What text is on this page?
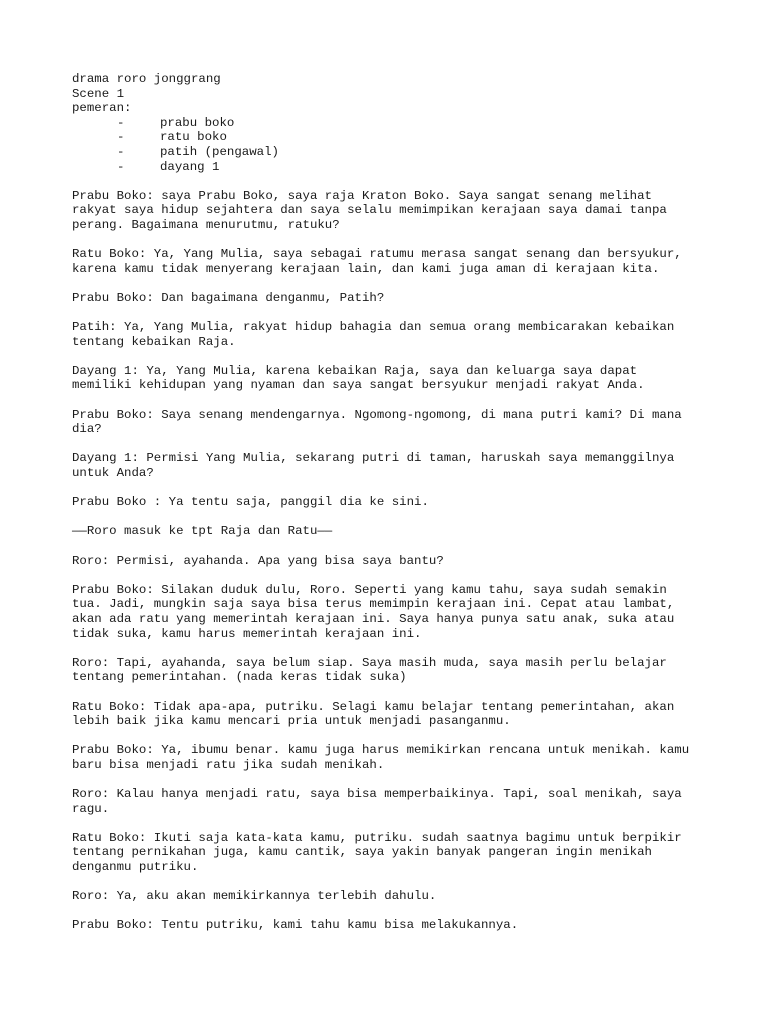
drama roro jonggrang
Scene 1
pemeran:
-	prabu boko
-	ratu boko
-	patih (pengawal)
-	dayang 1
Prabu Boko: saya Prabu Boko, saya raja Kraton Boko. Saya sangat senang melihat
rakyat saya hidup sejahtera dan saya selalu memimpikan kerajaan saya damai tanpa
perang. Bagaimana menurutmu, ratuku?
Ratu Boko: Ya, Yang Mulia, saya sebagai ratumu merasa sangat senang dan bersyukur,
karena kamu tidak menyerang kerajaan lain, dan kami juga aman di kerajaan kita.
Prabu Boko: Dan bagaimana denganmu, Patih?
Patih: Ya, Yang Mulia, rakyat hidup bahagia dan semua orang membicarakan kebaikan
tentang kebaikan Raja.
Dayang 1: Ya, Yang Mulia, karena kebaikan Raja, saya dan keluarga saya dapat
memiliki kehidupan yang nyaman dan saya sangat bersyukur menjadi rakyat Anda.
Prabu Boko: Saya senang mendengarnya. Ngomong-ngomong, di mana putri kami? Di mana
dia?
Dayang 1: Permisi Yang Mulia, sekarang putri di taman, haruskah saya memanggilnya
untuk Anda?
Prabu Boko : Ya tentu saja, panggil dia ke sini.
——Roro masuk ke tpt Raja dan Ratu——
Roro: Permisi, ayahanda. Apa yang bisa saya bantu?
Prabu Boko: Silakan duduk dulu, Roro. Seperti yang kamu tahu, saya sudah semakin
tua. Jadi, mungkin saja saya bisa terus memimpin kerajaan ini. Cepat atau lambat,
akan ada ratu yang memerintah kerajaan ini. Saya hanya punya satu anak, suka atau
tidak suka, kamu harus memerintah kerajaan ini.
Roro: Tapi, ayahanda, saya belum siap. Saya masih muda, saya masih perlu belajar
tentang pemerintahan. (nada keras tidak suka)
Ratu Boko: Tidak apa-apa, putriku. Selagi kamu belajar tentang pemerintahan, akan
lebih baik jika kamu mencari pria untuk menjadi pasanganmu.
Prabu Boko: Ya, ibumu benar. kamu juga harus memikirkan rencana untuk menikah. kamu
baru bisa menjadi ratu jika sudah menikah.
Roro: Kalau hanya menjadi ratu, saya bisa memperbaikinya. Tapi, soal menikah, saya
ragu.
Ratu Boko: Ikuti saja kata-kata kamu, putriku. sudah saatnya bagimu untuk berpikir
tentang pernikahan juga, kamu cantik, saya yakin banyak pangeran ingin menikah
denganmu putriku.
Roro: Ya, aku akan memikirkannya terlebih dahulu.
Prabu Boko: Tentu putriku, kami tahu kamu bisa melakukannya.
